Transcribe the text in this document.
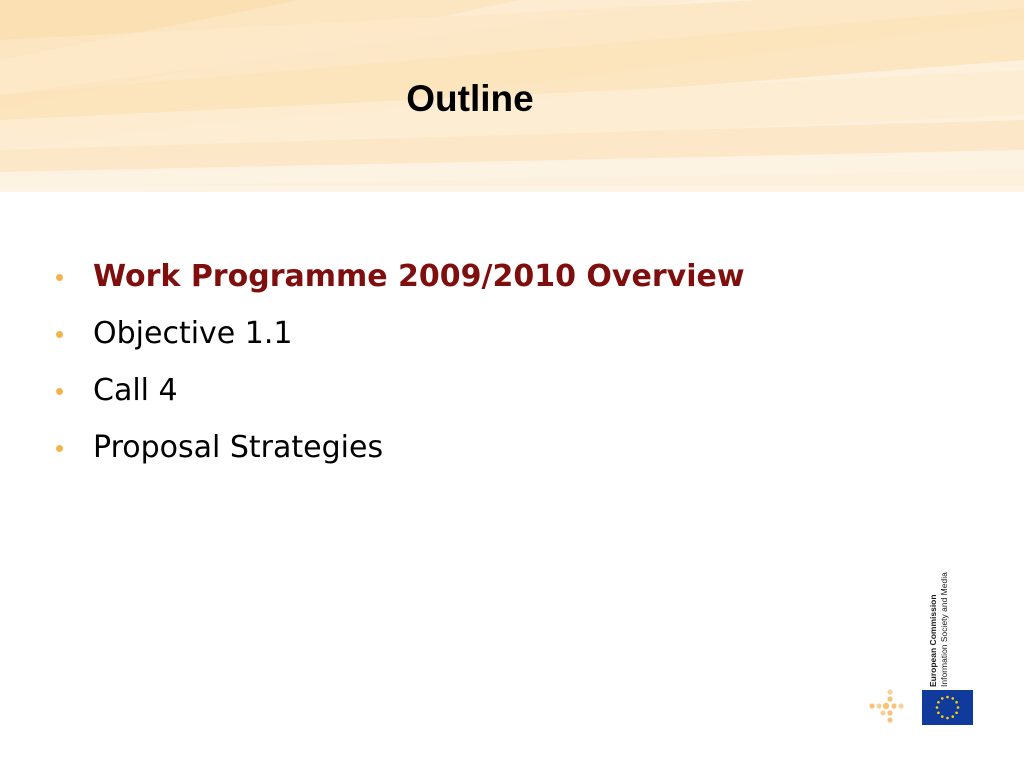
Outline
Work Programme 2009/2010 Overview
Objective 1.1
Call 4
Proposal Strategies
European Commission Information Society and Media
